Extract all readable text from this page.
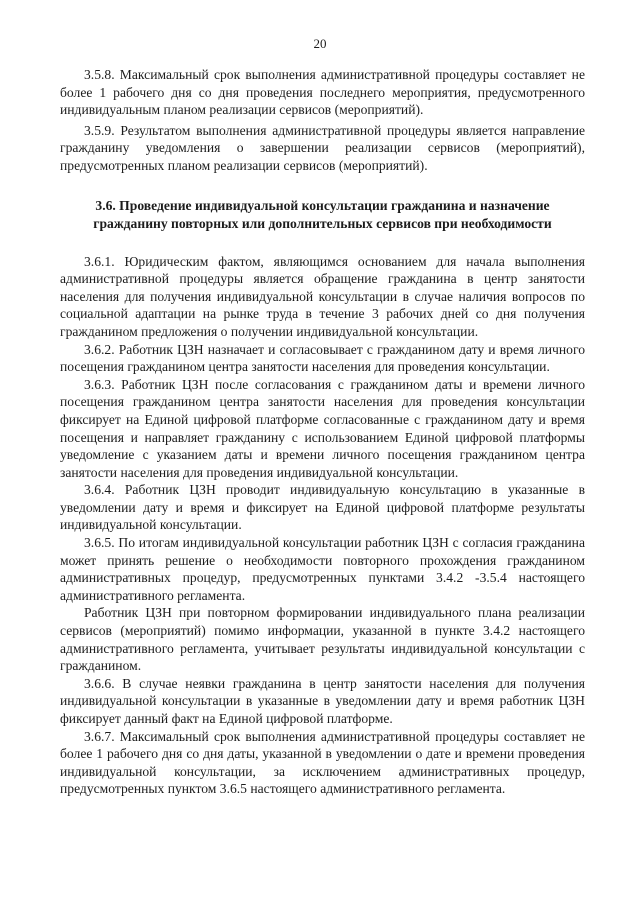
20

3.5.8. Максимальный срок выполнения административной процедуры составляет не более 1 рабочего дня со дня проведения последнего мероприятия, предусмотренного индивидуальным планом реализации сервисов (мероприятий).

3.5.9. Результатом выполнения административной процедуры является направление гражданину уведомления о завершении реализации сервисов (мероприятий), предусмотренных планом реализации сервисов (мероприятий).

3.6. Проведение индивидуальной консультации гражданина и назначение
гражданину повторных или дополнительных сервисов при необходимости

3.6.1. Юридическим фактом, являющимся основанием для начала выполнения административной процедуры является обращение гражданина в центр занятости населения для получения индивидуальной консультации в случае наличия вопросов по социальной адаптации на рынке труда в течение 3 рабочих дней со дня получения гражданином предложения о получении индивидуальной консультации.

3.6.2. Работник ЦЗН назначает и согласовывает с гражданином дату и время личного посещения гражданином центра занятости населения для проведения консультации.

3.6.3. Работник ЦЗН после согласования с гражданином даты и времени личного посещения гражданином центра занятости населения для проведения консультации фиксирует на Единой цифровой платформе согласованные с гражданином дату и время посещения и направляет гражданину с использованием Единой цифровой платформы уведомление с указанием даты и времени личного посещения гражданином центра занятости населения для проведения индивидуальной консультации.

3.6.4. Работник ЦЗН проводит индивидуальную консультацию в указанные в уведомлении дату и время и фиксирует на Единой цифровой платформе результаты индивидуальной консультации.

3.6.5. По итогам индивидуальной консультации работник ЦЗН с согласия гражданина может принять решение о необходимости повторного прохождения гражданином административных процедур, предусмотренных пунктами 3.4.2 -3.5.4 настоящего административного регламента.

Работник ЦЗН при повторном формировании индивидуального плана реализации сервисов (мероприятий) помимо информации, указанной в пункте 3.4.2 настоящего административного регламента, учитывает результаты индивидуальной консультации с гражданином.

3.6.6. В случае неявки гражданина в центр занятости населения для получения индивидуальной консультации в указанные в уведомлении дату и время работник ЦЗН фиксирует данный факт на Единой цифровой платформе.

3.6.7. Максимальный срок выполнения административной процедуры составляет не более 1 рабочего дня со дня даты, указанной в уведомлении о дате и времени проведения индивидуальной консультации, за исключением административных процедур, предусмотренных пунктом 3.6.5 настоящего административного регламента.
